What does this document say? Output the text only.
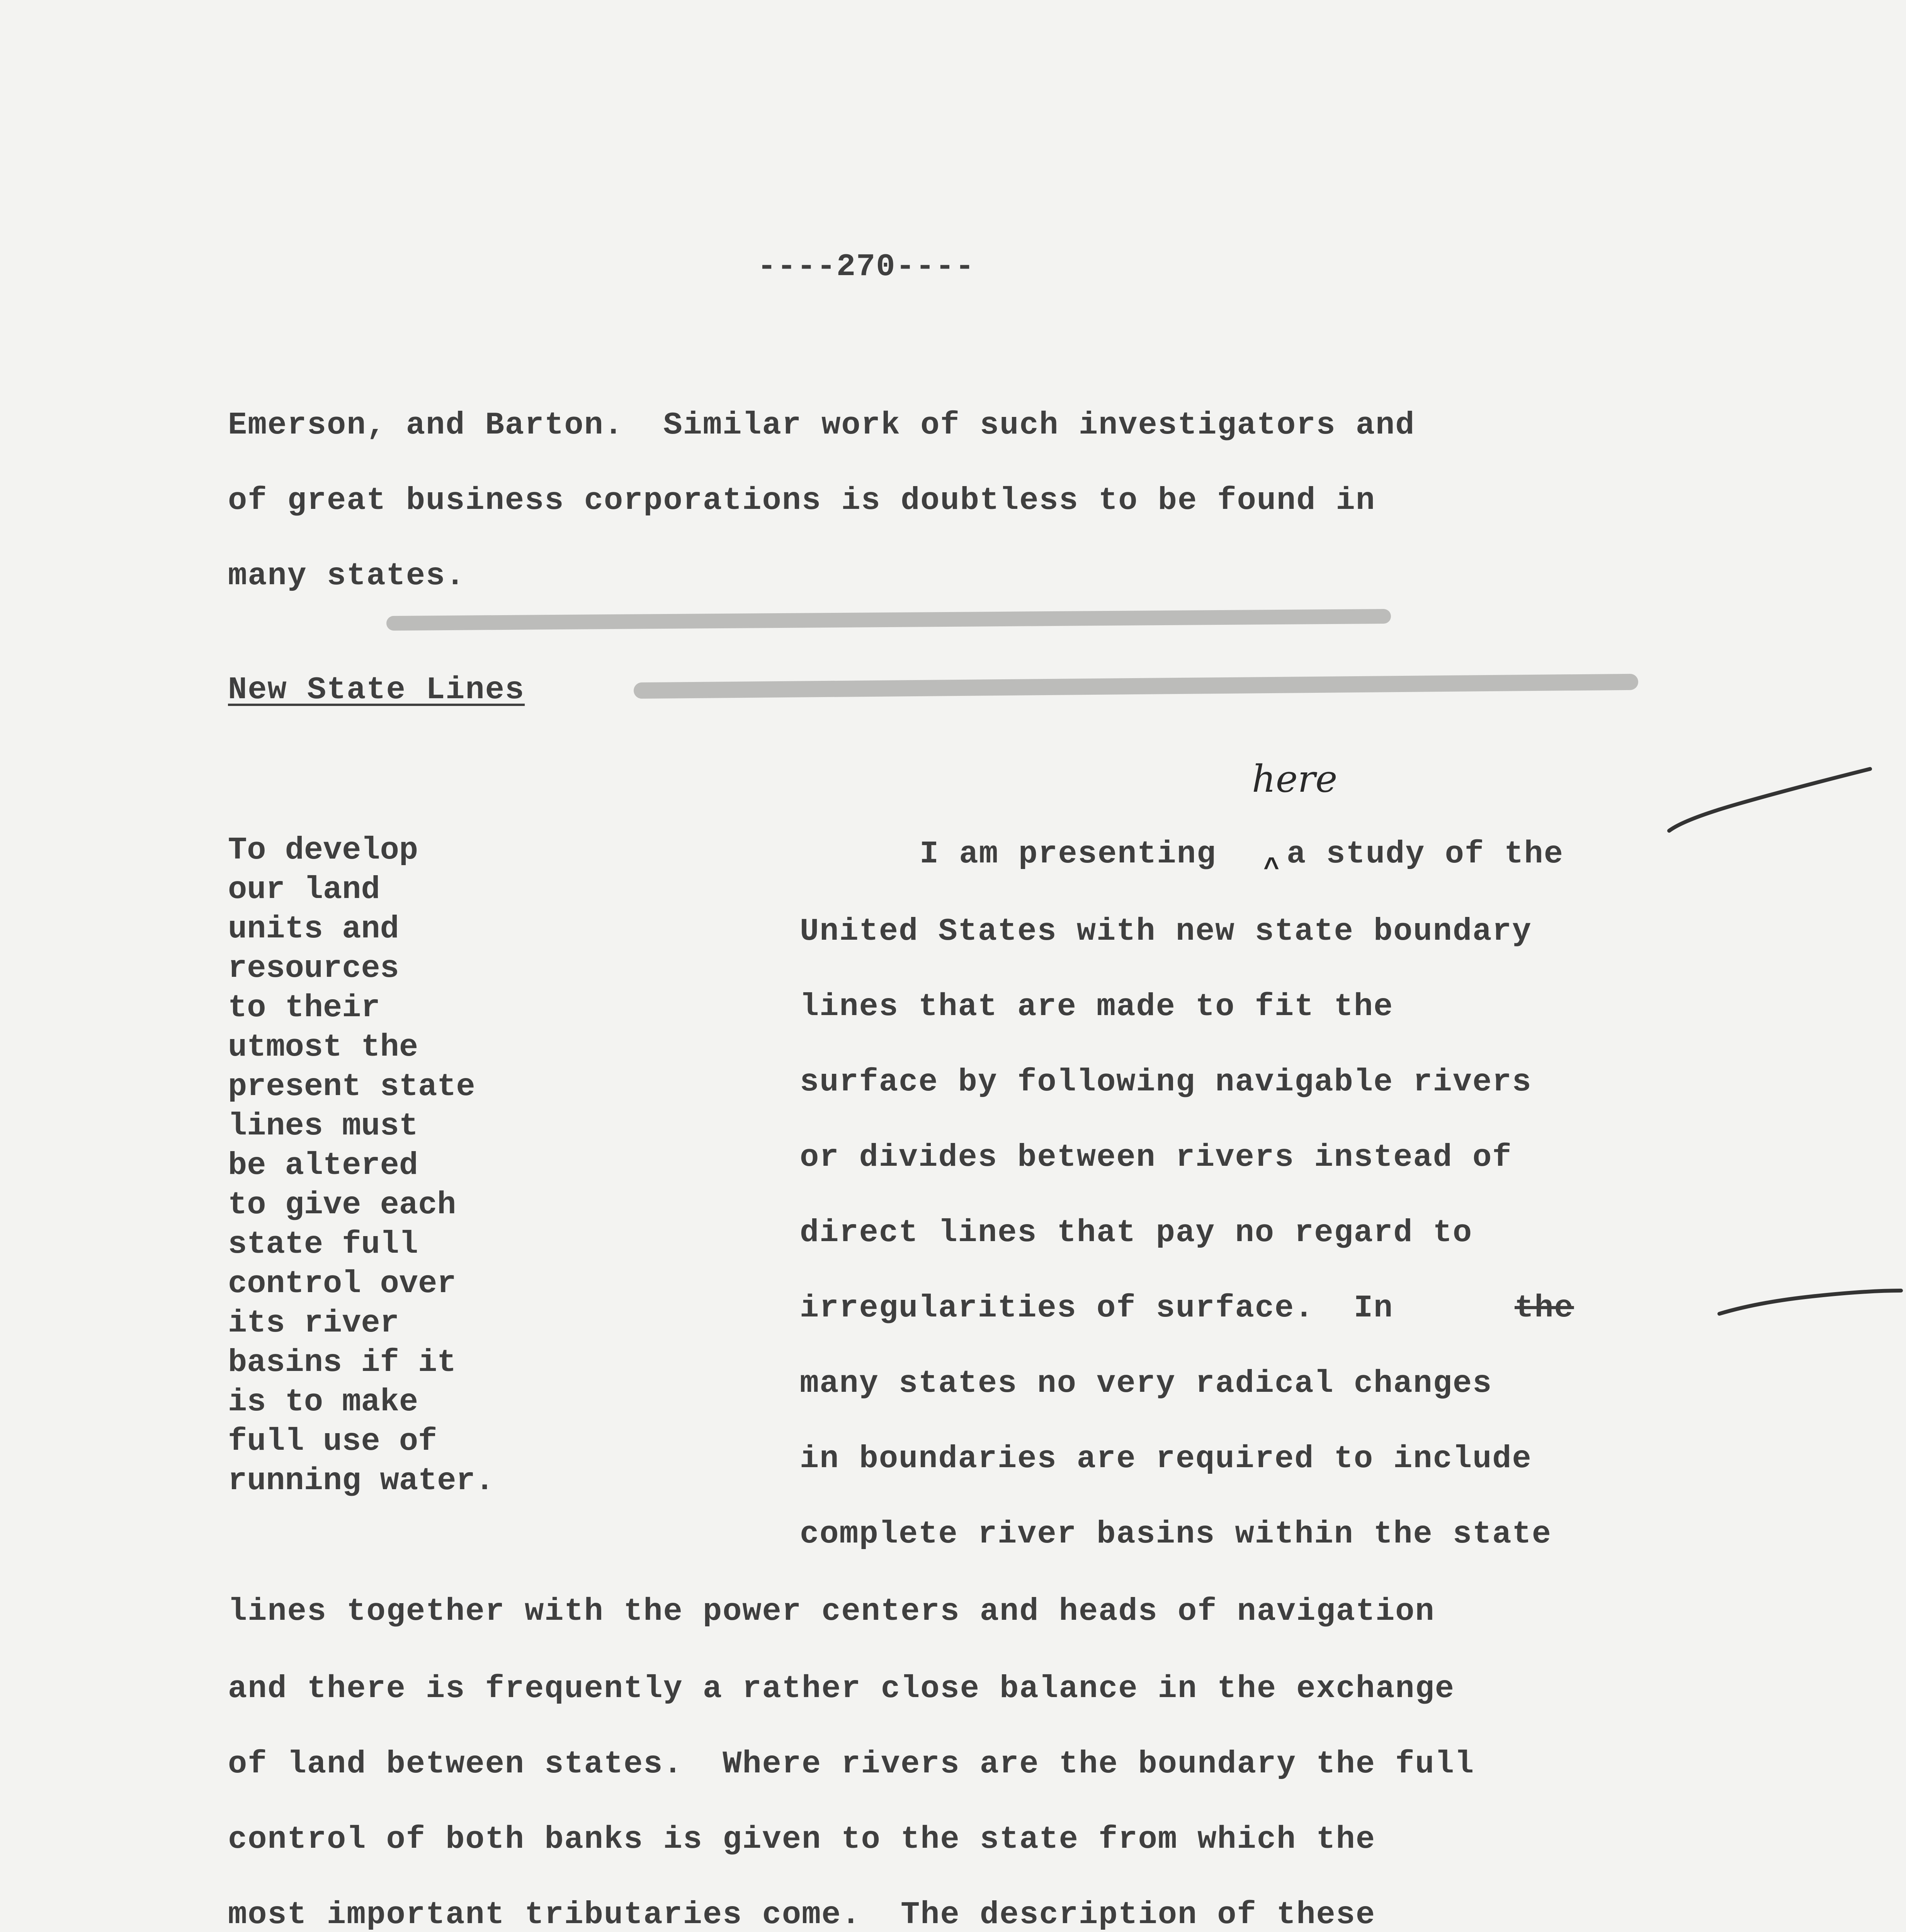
----270----
Emerson, and Barton.  Similar work of such investigators and
of great business corporations is doubtless to be found in
many states.
New State Lines
To develop
our land
units and
resources
to their
utmost the
present state
lines must
be altered
to give each
state full
control over
its river
basins if it
is to make
full use of
running water.
here
^
I am presenting a study of the
United States with new state boundary
lines that are made to fit the
surface by following navigable rivers
or divides between rivers instead of
direct lines that pay no regard to
irregularities of surface.  In	the
many states no very radical changes
in boundaries are required to include
complete river basins within the state
lines together with the power centers and heads of navigation
and there is frequently a rather close balance in the exchange
of land between states.  Where rivers are the boundary the full
control of both banks is given to the state from which the
most important tributaries come.  The description of these
